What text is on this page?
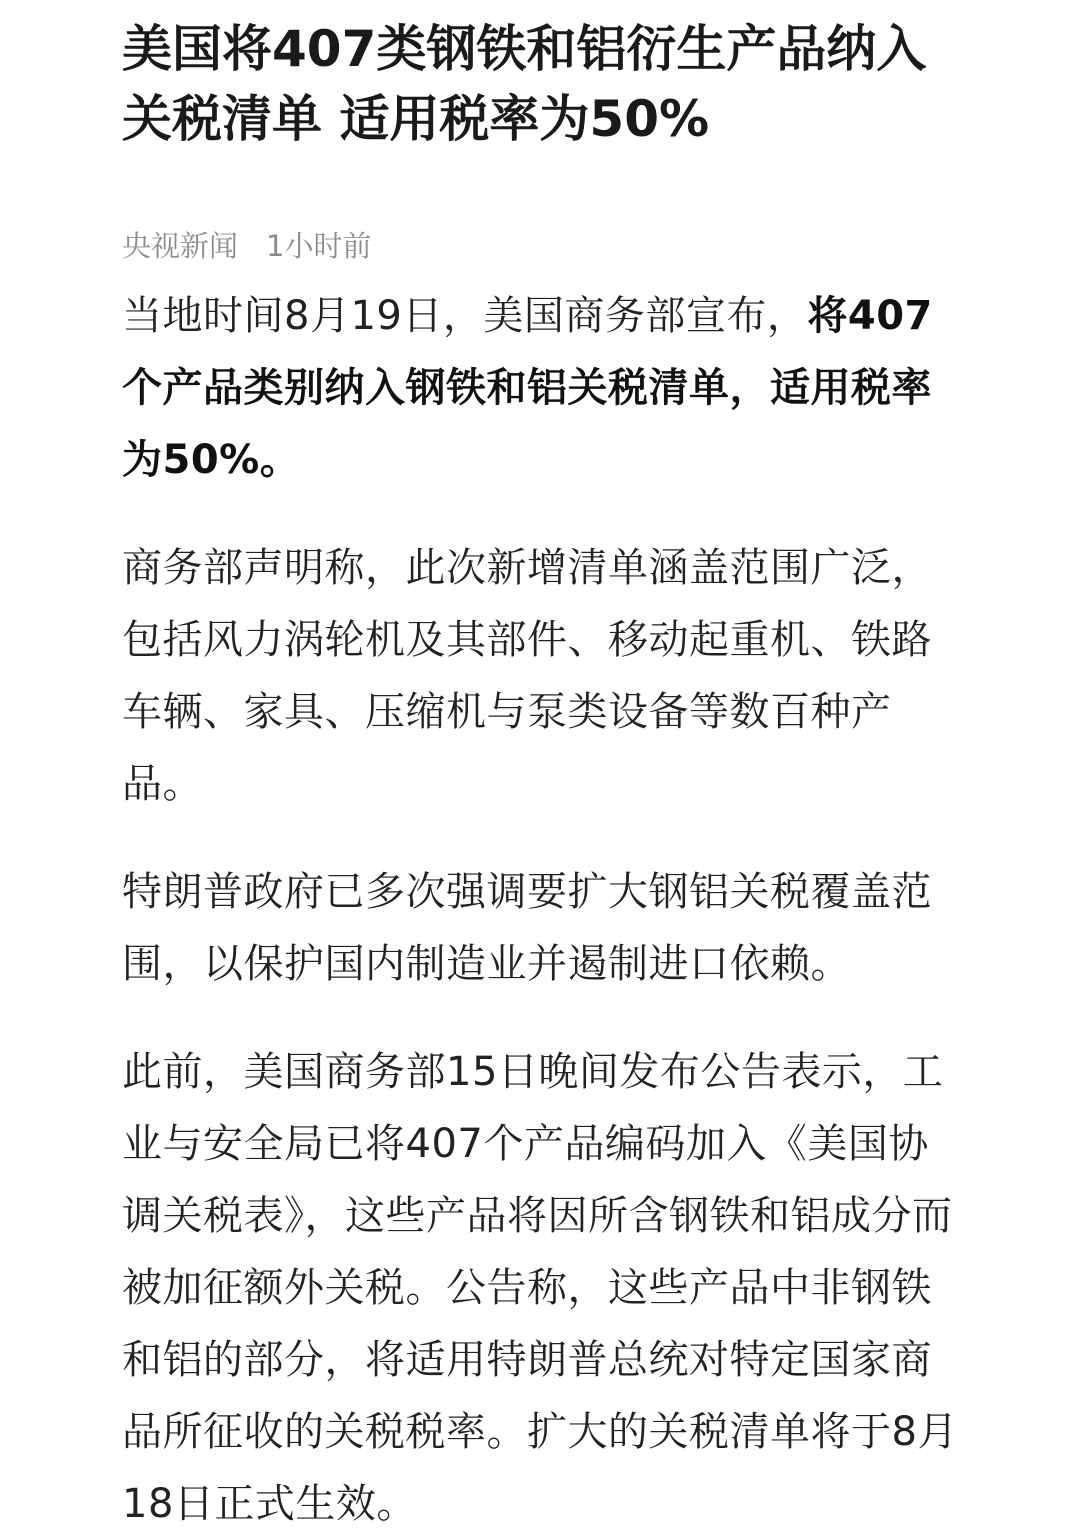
美国将407类钢铁和铝衍生产品纳入关税清单 适用税率为50%
央视新闻 1小时前

当地时间8月19日，美国商务部宣布，将407个产品类别纳入钢铁和铝关税清单，适用税率为50%。

商务部声明称，此次新增清单涵盖范围广泛，包括风力涡轮机及其部件、移动起重机、铁路车辆、家具、压缩机与泵类设备等数百种产品。

特朗普政府已多次强调要扩大钢铝关税覆盖范围，以保护国内制造业并遏制进口依赖。

此前，美国商务部15日晚间发布公告表示，工业与安全局已将407个产品编码加入《美国协调关税表》，这些产品将因所含钢铁和铝成分而被加征额外关税。公告称，这些产品中非钢铁和铝的部分，将适用特朗普总统对特定国家商品所征收的关税税率。扩大的关税清单将于8月18日正式生效。
